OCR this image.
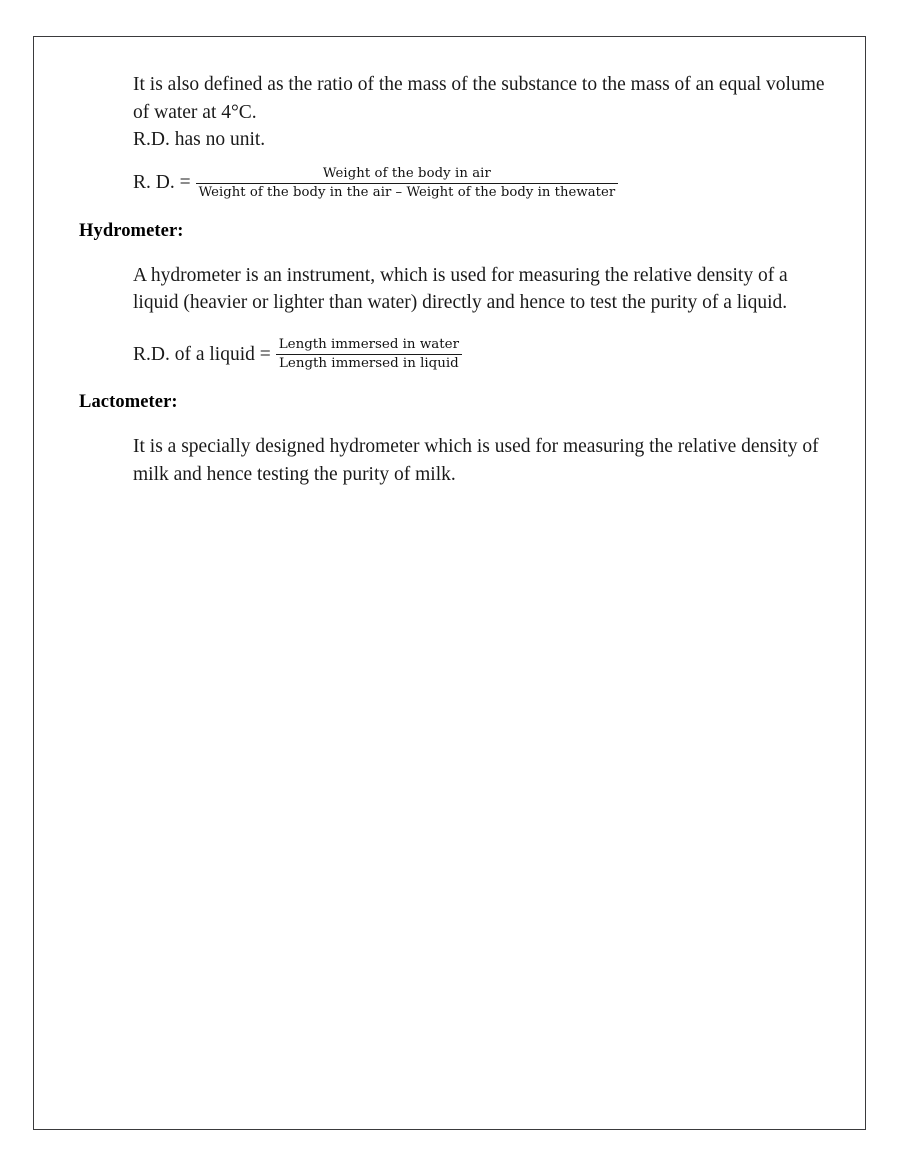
It is also defined as the ratio of the mass of the substance to the mass of an equal volume of water at 4°C.

R.D. has no unit.

R. D. =	Weight of the body in air
Weight of the body in the air – Weight of the body in thewater
Hydrometer:

A hydrometer is an instrument, which is used for measuring the relative density of a liquid (heavier or lighter than water) directly and hence to test the purity of a liquid.

R.D. of a liquid = $\frac{\text{Length immersed in water}}{\text{Length immersed in liquid}}$
Lactometer:

It is a specially designed hydrometer which is used for measuring the relative density of milk and hence testing the purity of milk.
